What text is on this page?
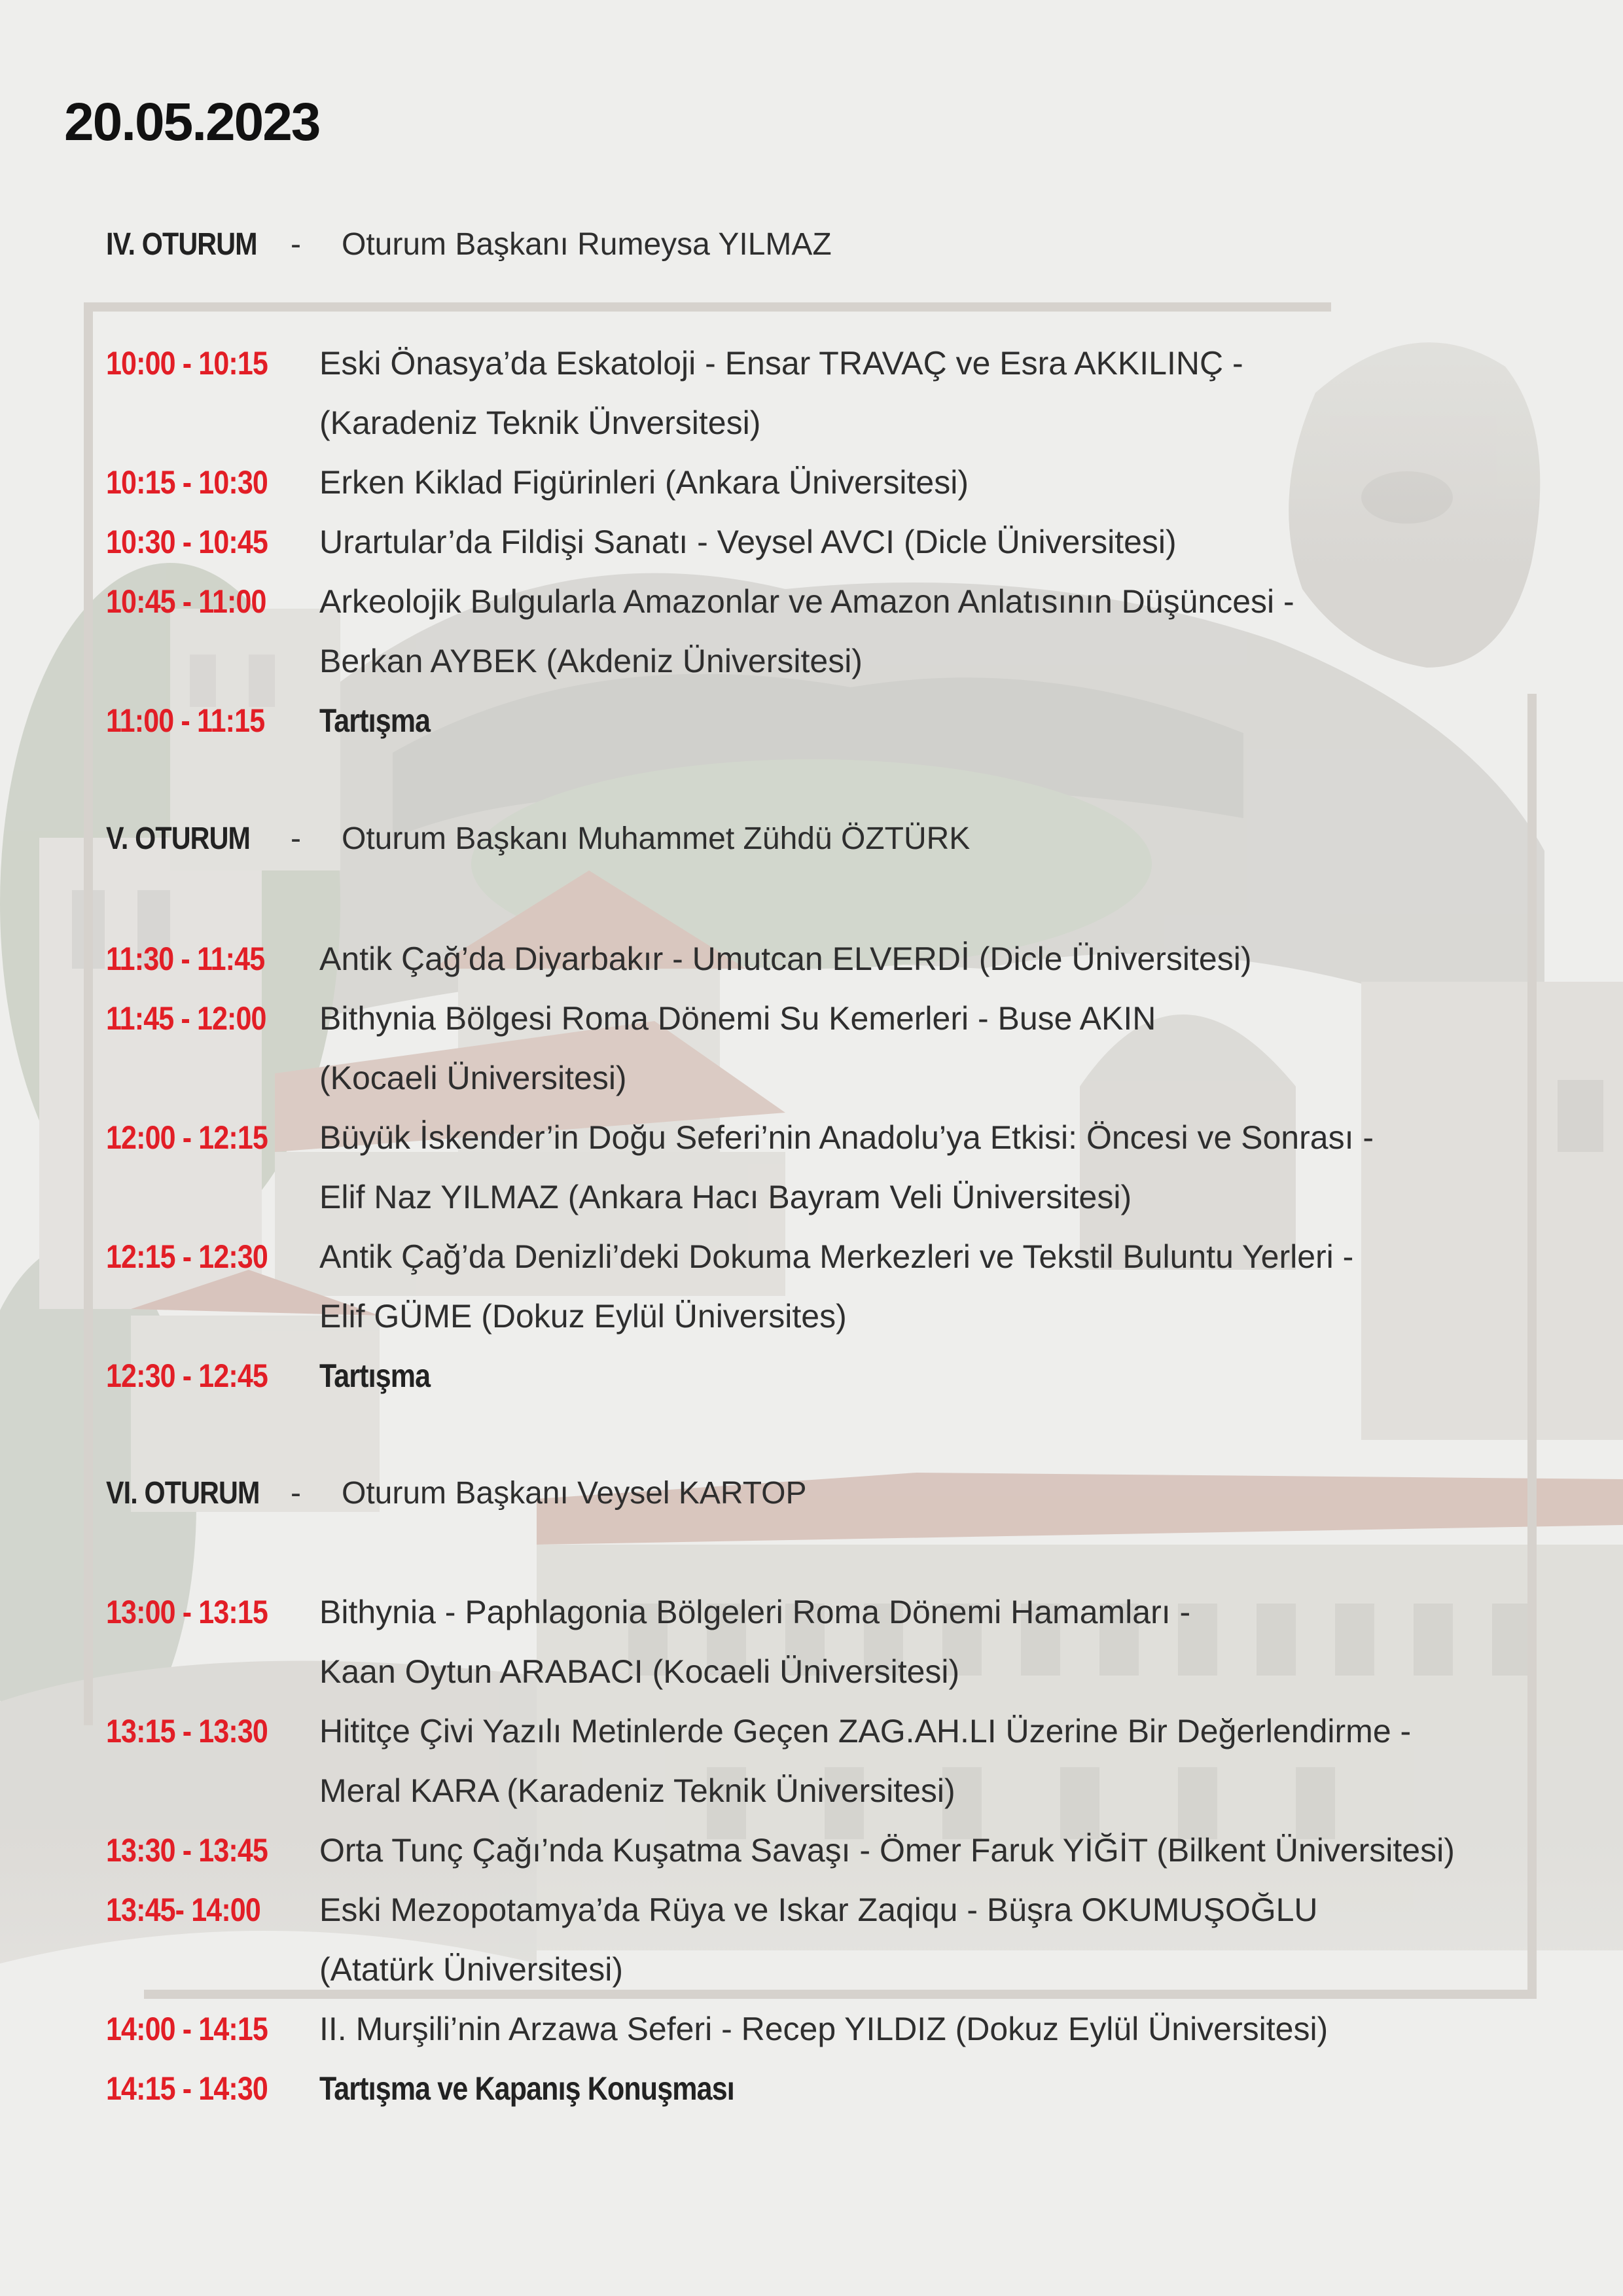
20.05.2023
IV. OTURUM - Oturum Başkanı Rumeysa YILMAZ
10:00 - 10:15	Eski Önasya’da Eskatoloji - Ensar TRAVAÇ ve Esra AKKILINÇ -
(Karadeniz Teknik Ünversitesi)
10:15 - 10:30	Erken Kiklad Figürinleri (Ankara Üniversitesi)
10:30 - 10:45	Urartular’da Fildişi Sanatı - Veysel AVCI (Dicle Üniversitesi)
10:45 - 11:00	Arkeolojik Bulgularla Amazonlar ve Amazon Anlatısının Düşüncesi -
Berkan AYBEK (Akdeniz Üniversitesi)
11:00 - 11:15	Tartışma
V. OTURUM - Oturum Başkanı Muhammet Zühdü ÖZTÜRK
11:30 - 11:45	Antik Çağ’da Diyarbakır - Umutcan ELVERDİ (Dicle Üniversitesi)
11:45 - 12:00	Bithynia Bölgesi Roma Dönemi Su Kemerleri - Buse AKIN
(Kocaeli Üniversitesi)
12:00 - 12:15	Büyük İskender’in Doğu Seferi’nin Anadolu’ya Etkisi: Öncesi ve Sonrası -
Elif Naz YILMAZ (Ankara Hacı Bayram Veli Üniversitesi)
12:15 - 12:30	Antik Çağ’da Denizli’deki Dokuma Merkezleri ve Tekstil Buluntu Yerleri -
Elif GÜME (Dokuz Eylül Üniversites)
12:30 - 12:45	Tartışma
VI. OTURUM - Oturum Başkanı Veysel KARTOP
13:00 - 13:15	Bithynia - Paphlagonia Bölgeleri Roma Dönemi Hamamları -
Kaan Oytun ARABACI (Kocaeli Üniversitesi)
13:15 - 13:30	Hititçe Çivi Yazılı Metinlerde Geçen ZAG.AH.LI Üzerine Bir Değerlendirme -
Meral KARA (Karadeniz Teknik Üniversitesi)
13:30 - 13:45	Orta Tunç Çağı’nda Kuşatma Savaşı - Ömer Faruk YİĞİT (Bilkent Üniversitesi)
13:45- 14:00	Eski Mezopotamya’da Rüya ve Iskar Zaqiqu - Büşra OKUMUŞOĞLU
(Atatürk Üniversitesi)
14:00 - 14:15	II. Murşili’nin Arzawa Seferi - Recep YILDIZ (Dokuz Eylül Üniversitesi)
14:15 - 14:30	Tartışma ve Kapanış Konuşması
